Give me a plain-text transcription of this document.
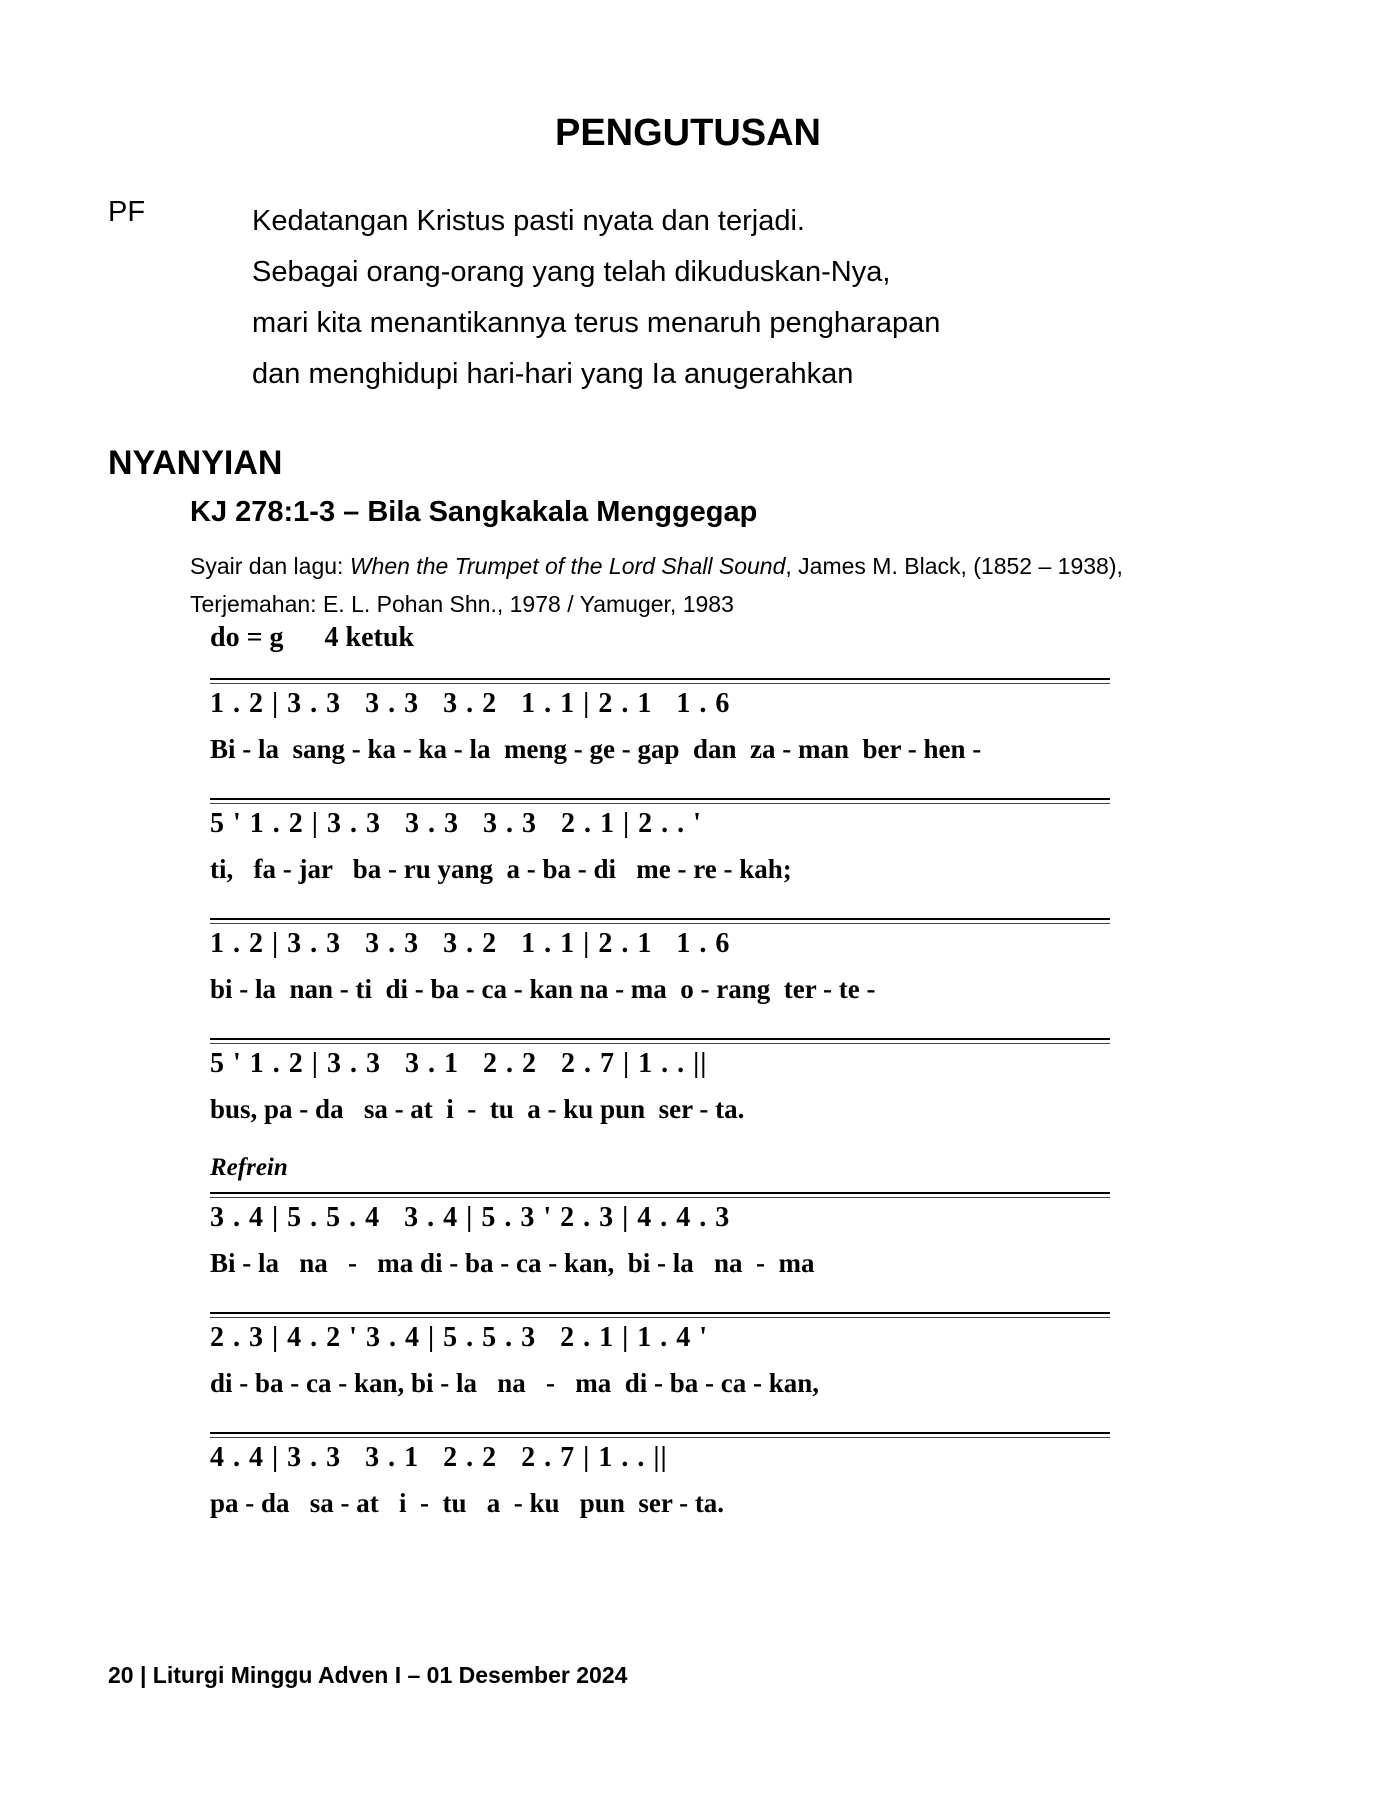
PENGUTUSAN
PF	Kedatangan Kristus pasti nyata dan terjadi.
Sebagai orang-orang yang telah dikuduskan-Nya,
mari kita menantikannya terus menaruh pengharapan
dan menghidupi hari-hari yang Ia anugerahkan
NYANYIAN
KJ 278:1-3 – Bila Sangkakala Menggegap
Syair dan lagu: When the Trumpet of the Lord Shall Sound, James M. Black, (1852 – 1938),
Terjemahan: E. L. Pohan Shn., 1978 / Yamuger, 1983
do = g 4 ketuk
1 . 2 | 3 . 3   3 . 3   3 . 2   1 . 1 | 2 . 1   1 . 6
Bi - la  sang - ka - ka - la  meng - ge - gap  dan  za - man  ber - hen -
5 ' 1 . 2 | 3 . 3   3 . 3   3 . 3   2 . 1 | 2 . . '
ti,   fa - jar   ba - ru yang  a - ba - di   me - re - kah;
1 . 2 | 3 . 3   3 . 3   3 . 2   1 . 1 | 2 . 1   1 . 6
bi - la  nan - ti  di - ba - ca - kan na - ma  o - rang  ter - te -
5 ' 1 . 2 | 3 . 3   3 . 1   2 . 2   2 . 7 | 1 . . ||
bus, pa - da   sa - at  i  -  tu  a - ku pun  ser - ta.
Refrein
3 . 4 | 5 . 5 . 4   3 . 4 | 5 . 3 ' 2 . 3 | 4 . 4 . 3
Bi - la   na   -   ma di - ba - ca - kan,  bi - la   na  -  ma
2 . 3 | 4 . 2 ' 3 . 4 | 5 . 5 . 3   2 . 1 | 1 . 4 '
di - ba - ca - kan, bi - la   na   -   ma  di - ba - ca - kan,
4 . 4 | 3 . 3   3 . 1   2 . 2   2 . 7 | 1 . . ||
pa - da   sa - at   i  -  tu   a  - ku   pun  ser - ta.
20 | Liturgi Minggu Adven I – 01 Desember 2024
